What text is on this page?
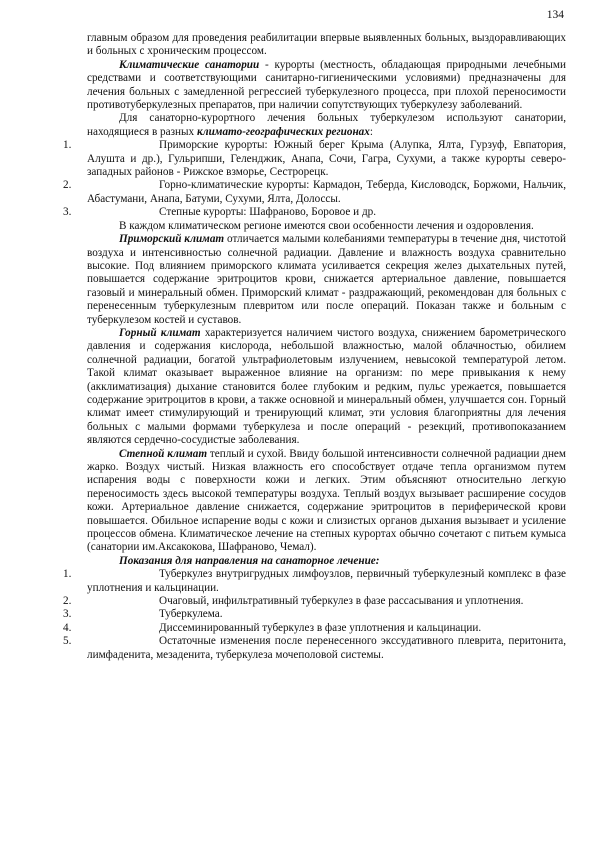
134

главным образом для проведения реабилитации впервые выявленных больных, выздоравливающих и больных с хроническим процессом.

Климатические санатории - курорты (местность, обладающая природными лечебными средствами и соответствующими санитарно-гигиеническими условиями) предназначены для лечения больных с замедленной регрессией туберкулезного процесса, при плохой переносимости противотуберкулезных препаратов, при наличии сопутствующих туберкулезу заболеваний.

Для санаторно-курортного лечения больных туберкулезом используют санатории, находящиеся в разных климато-географических регионах:

1.	Приморские курорты: Южный берег Крыма (Алупка, Ялта, Гурзуф, Евпатория, Алушта и др.), Гульрипши, Геленджик, Анапа, Сочи, Гагра, Сухуми, а также курорты северо-западных районов - Рижское взморье, Сестрорецк.
2.	Горно-климатические курорты: Кармадон, Теберда, Кисловодск, Боржоми, Нальчик, Абастумани, Анапа, Батуми, Сухуми, Ялта, Долоссы.
3.	Степные курорты: Шафраново, Боровое и др.

В каждом климатическом регионе имеются свои особенности лечения и оздоровления.

Приморский климат отличается малыми колебаниями температуры в течение дня, чистотой воздуха и интенсивностью солнечной радиации. Давление и влажность воздуха сравнительно высокие. Под влиянием приморского климата усиливается секреция желез дыхательных путей, повышается содержание эритроцитов крови, снижается артериальное давление, повышается газовый и минеральный обмен. Приморский климат - раздражающий, рекомендован для больных с перенесенным туберкулезным плевритом или после операций. Показан также и больным с туберкулезом костей и суставов.

Горный климат характеризуется наличием чистого воздуха, снижением барометрического давления и содержания кислорода, небольшой влажностью, малой облачностью, обилием солнечной радиации, богатой ультрафиолетовым излучением, невысокой температурой летом. Такой климат оказывает выраженное влияние на организм: по мере привыкания к нему (акклиматизация) дыхание становится более глубоким и редким, пульс урежается, повышается содержание эритроцитов в крови, а также основной и минеральный обмен, улучшается сон. Горный климат имеет стимулирующий и тренирующий климат, эти условия благоприятны для лечения больных с малыми формами туберкулеза и после операций - резекций, противопоказанием являются сердечно-сосудистые заболевания.

Степной климат теплый и сухой. Ввиду большой интенсивности солнечной радиации днем жарко. Воздух чистый. Низкая влажность его способствует отдаче тепла организмом путем испарения воды с поверхности кожи и легких. Этим объясняют относительно легкую переносимость здесь высокой температуры воздуха. Теплый воздух вызывает расширение сосудов кожи. Артериальное давление снижается, содержание эритроцитов в периферической крови повышается. Обильное испарение воды с кожи и слизистых органов дыхания вызывает и усиление процессов обмена. Климатическое лечение на степных курортах обычно сочетают с питьем кумыса (санатории им.Аксакокова, Шафраново, Чемал).

Показания для направления на санаторное лечение:

1.	Туберкулез внутригрудных лимфоузлов, первичный туберкулезный комплекс в фазе уплотнения и кальцинации.
2.	Очаговый, инфильтративный туберкулез в фазе рассасывания и уплотнения.
3.	Туберкулема.
4.	Диссеминированный туберкулез в фазе уплотнения и кальцинации.
5.	Остаточные изменения после перенесенного экссудативного плеврита, перитонита, лимфаденита, мезаденита, туберкулеза мочеполовой системы.
